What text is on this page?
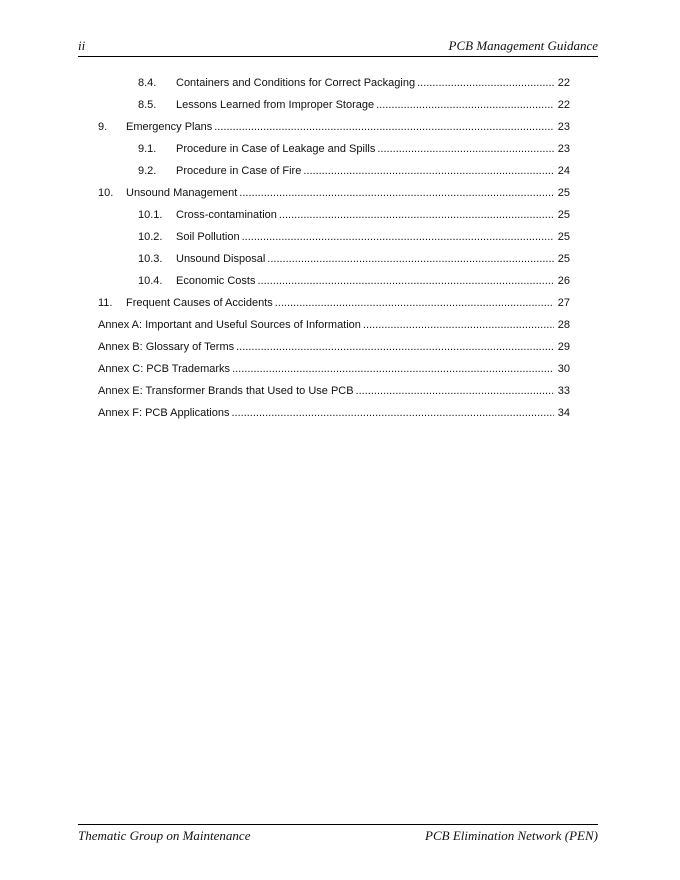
ii	PCB Management Guidance
8.4.	Containers and Conditions for Correct Packaging .....	22
8.5.	Lessons Learned from Improper Storage .....	22
9.	Emergency Plans .....	23
9.1.	Procedure in Case of Leakage and Spills .....	23
9.2.	Procedure in Case of Fire .....	24
10.	Unsound Management .....	25
10.1.	Cross-contamination .....	25
10.2.	Soil Pollution .....	25
10.3.	Unsound Disposal .....	25
10.4.	Economic Costs .....	26
11.	Frequent Causes of Accidents .....	27
Annex A: Important and Useful Sources of Information .....	28
Annex B: Glossary of Terms .....	29
Annex C: PCB Trademarks .....	30
Annex E: Transformer Brands that Used to Use PCB .....	33
Annex F: PCB Applications .....	34
Thematic Group on Maintenance	PCB Elimination Network (PEN)
